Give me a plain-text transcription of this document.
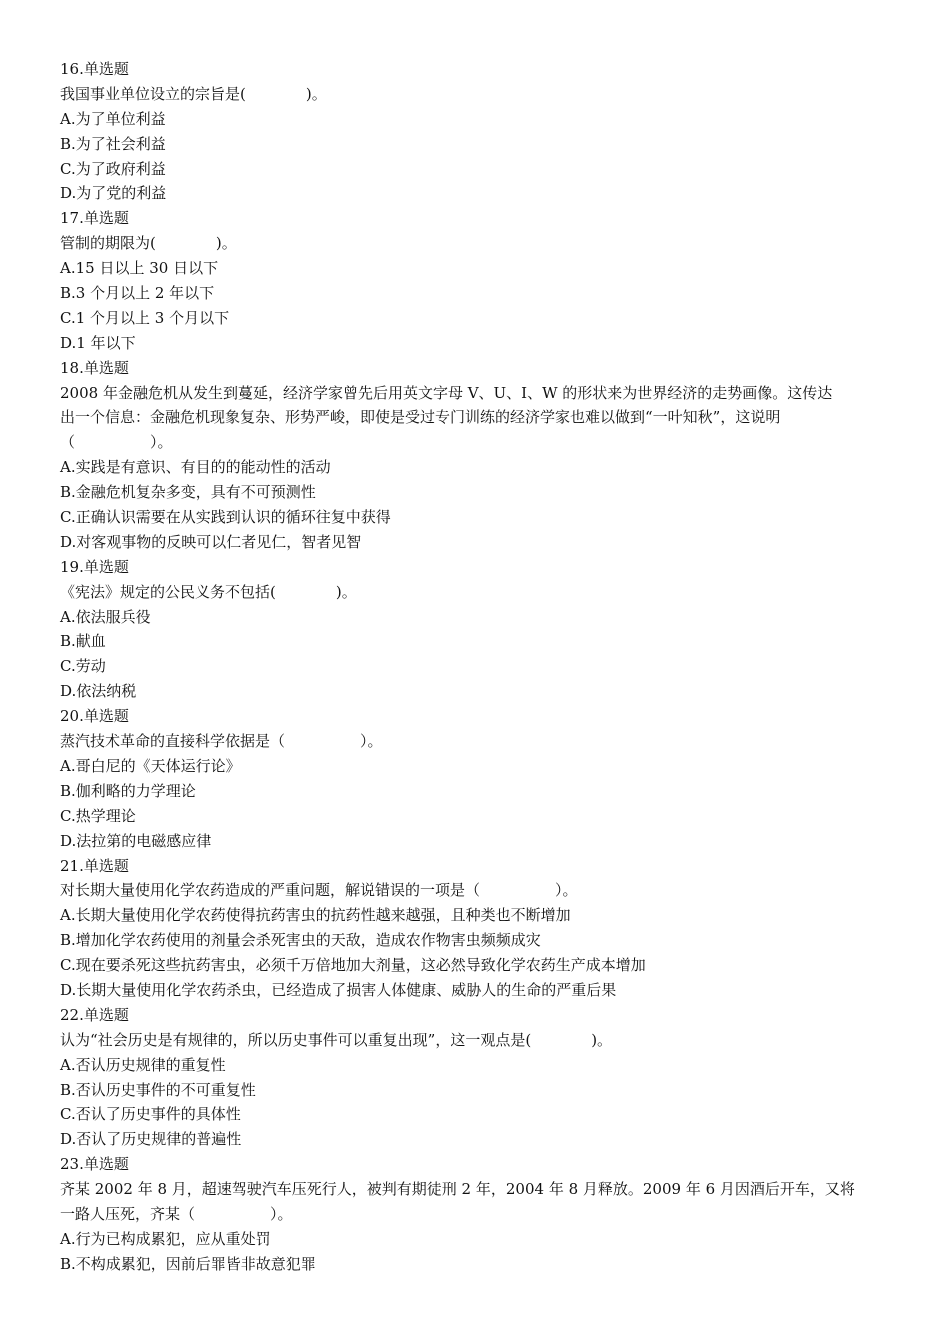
16.单选题
我国事业单位设立的宗旨是(　　　　)。
A.为了单位利益
B.为了社会利益
C.为了政府利益
D.为了党的利益
17.单选题
管制的期限为(　　　　)。
A.15 日以上 30 日以下
B.3 个月以上 2 年以下
C.1 个月以上 3 个月以下
D.1 年以下
18.单选题
2008 年金融危机从发生到蔓延，经济学家曾先后用英文字母 V、U、I、W 的形状来为世界经济的走势画像。这传达
出一个信息：金融危机现象复杂、形势严峻，即使是受过专门训练的经济学家也难以做到“一叶知秋”，这说明
（　　　　　）。
A.实践是有意识、有目的的能动性的活动
B.金融危机复杂多变，具有不可预测性
C.正确认识需要在从实践到认识的循环往复中获得
D.对客观事物的反映可以仁者见仁，智者见智
19.单选题
《宪法》规定的公民义务不包括(　　　　)。
A.依法服兵役
B.献血
C.劳动
D.依法纳税
20.单选题
蒸汽技术革命的直接科学依据是（　　　　　）。
A.哥白尼的《天体运行论》
B.伽利略的力学理论
C.热学理论
D.法拉第的电磁感应律
21.单选题
对长期大量使用化学农药造成的严重问题，解说错误的一项是（　　　　　）。
A.长期大量使用化学农药使得抗药害虫的抗药性越来越强，且种类也不断增加
B.增加化学农药使用的剂量会杀死害虫的天敌，造成农作物害虫频频成灾
C.现在要杀死这些抗药害虫，必须千万倍地加大剂量，这必然导致化学农药生产成本增加
D.长期大量使用化学农药杀虫，已经造成了损害人体健康、威胁人的生命的严重后果
22.单选题
认为“社会历史是有规律的，所以历史事件可以重复出现”，这一观点是(　　　　)。
A.否认历史规律的重复性
B.否认历史事件的不可重复性
C.否认了历史事件的具体性
D.否认了历史规律的普遍性
23.单选题
齐某 2002 年 8 月，超速驾驶汽车压死行人，被判有期徒刑 2 年，2004 年 8 月释放。2009 年 6 月因酒后开车，又将
一路人压死，齐某（　　　　　）。
A.行为已构成累犯，应从重处罚
B.不构成累犯，因前后罪皆非故意犯罪
